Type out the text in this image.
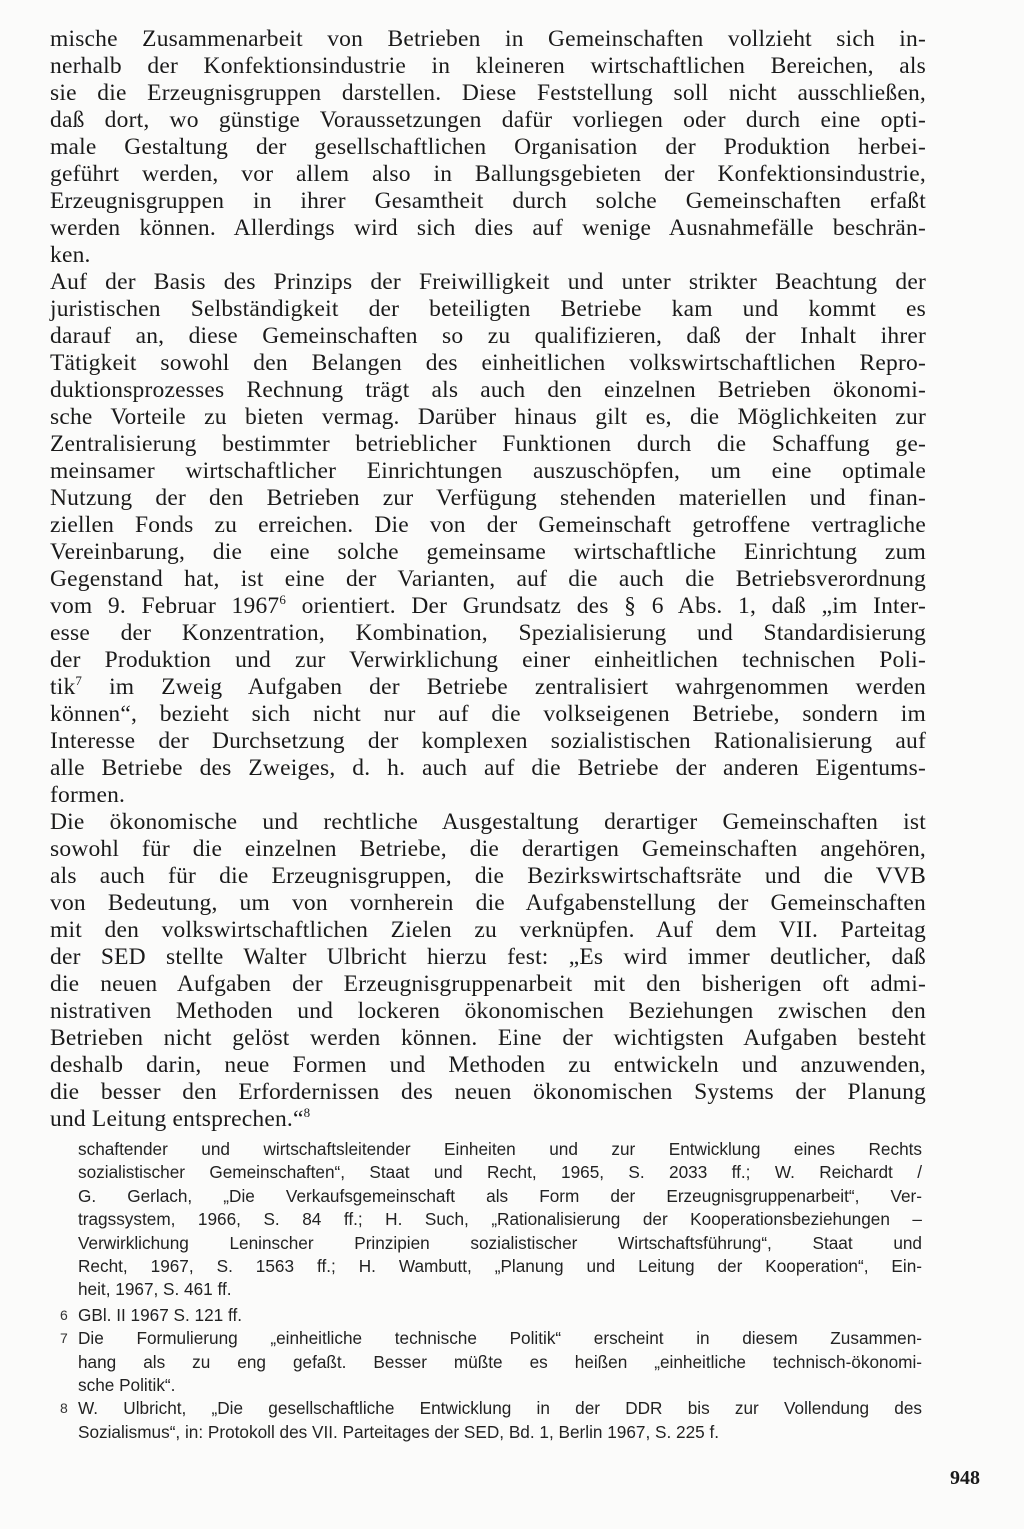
mische Zusammenarbeit von Betrieben in Gemeinschaften vollzieht sich in-
nerhalb der Konfektionsindustrie in kleineren wirtschaftlichen Bereichen, als
sie die Erzeugnisgruppen darstellen. Diese Feststellung soll nicht ausschließen,
daß dort, wo günstige Voraussetzungen dafür vorliegen oder durch eine opti-
male Gestaltung der gesellschaftlichen Organisation der Produktion herbei-
geführt werden, vor allem also in Ballungsgebieten der Konfektionsindustrie,
Erzeugnisgruppen in ihrer Gesamtheit durch solche Gemeinschaften erfaßt
werden können. Allerdings wird sich dies auf wenige Ausnahmefälle beschrän-
ken.
Auf der Basis des Prinzips der Freiwilligkeit und unter strikter Beachtung der
juristischen Selbständigkeit der beteiligten Betriebe kam und kommt es
darauf an, diese Gemeinschaften so zu qualifizieren, daß der Inhalt ihrer
Tätigkeit sowohl den Belangen des einheitlichen volkswirtschaftlichen Repro-
duktionsprozesses Rechnung trägt als auch den einzelnen Betrieben ökonomi-
sche Vorteile zu bieten vermag. Darüber hinaus gilt es, die Möglichkeiten zur
Zentralisierung bestimmter betrieblicher Funktionen durch die Schaffung ge-
meinsamer wirtschaftlicher Einrichtungen auszuschöpfen, um eine optimale
Nutzung der den Betrieben zur Verfügung stehenden materiellen und finan-
ziellen Fonds zu erreichen. Die von der Gemeinschaft getroffene vertragliche
Vereinbarung, die eine solche gemeinsame wirtschaftliche Einrichtung zum
Gegenstand hat, ist eine der Varianten, auf die auch die Betriebsverordnung
vom 9. Februar 1967$^6$ orientiert. Der Grundsatz des § 6 Abs. 1, daß „im Inter-
esse der Konzentration, Kombination, Spezialisierung und Standardisierung
der Produktion und zur Verwirklichung einer einheitlichen technischen Poli-
tik$^7$ im Zweig Aufgaben der Betriebe zentralisiert wahrgenommen werden
können“, bezieht sich nicht nur auf die volkseigenen Betriebe, sondern im
Interesse der Durchsetzung der komplexen sozialistischen Rationalisierung auf
alle Betriebe des Zweiges, d. h. auch auf die Betriebe der anderen Eigentums-
formen.
Die ökonomische und rechtliche Ausgestaltung derartiger Gemeinschaften ist
sowohl für die einzelnen Betriebe, die derartigen Gemeinschaften angehören,
als auch für die Erzeugnisgruppen, die Bezirkswirtschaftsräte und die VVB
von Bedeutung, um von vornherein die Aufgabenstellung der Gemeinschaften
mit den volkswirtschaftlichen Zielen zu verknüpfen. Auf dem VII. Parteitag
der SED stellte Walter Ulbricht hierzu fest: „Es wird immer deutlicher, daß
die neuen Aufgaben der Erzeugnisgruppenarbeit mit den bisherigen oft admi-
nistrativen Methoden und lockeren ökonomischen Beziehungen zwischen den
Betrieben nicht gelöst werden können. Eine der wichtigsten Aufgaben besteht
deshalb darin, neue Formen und Methoden zu entwickeln und anzuwenden,
die besser den Erfordernissen des neuen ökonomischen Systems der Planung
und Leitung entsprechen.“$^8$
schaftender und wirtschaftsleitender Einheiten und zur Entwicklung eines Rechts
sozialistischer Gemeinschaften“, Staat und Recht, 1965, S. 2033 ff.; W. Reichardt /
G. Gerlach, „Die Verkaufsgemeinschaft als Form der Erzeugnisgruppenarbeit“, Ver-
tragssystem, 1966, S. 84 ff.; H. Such, „Rationalisierung der Kooperationsbeziehungen –
Verwirklichung Leninscher Prinzipien sozialistischer Wirtschaftsführung“, Staat und
Recht, 1967, S. 1563 ff.; H. Wambutt, „Planung und Leitung der Kooperation“, Ein-
heit, 1967, S. 461 ff.
6 GBl. II 1967 S. 121 ff.
7 Die Formulierung „einheitliche technische Politik“ erscheint in diesem Zusammen-
hang als zu eng gefaßt. Besser müßte es heißen „einheitliche technisch-ökonomi-
sche Politik“.
8 W. Ulbricht, „Die gesellschaftliche Entwicklung in der DDR bis zur Vollendung des
Sozialismus“, in: Protokoll des VII. Parteitages der SED, Bd. 1, Berlin 1967, S. 225 f.
948
